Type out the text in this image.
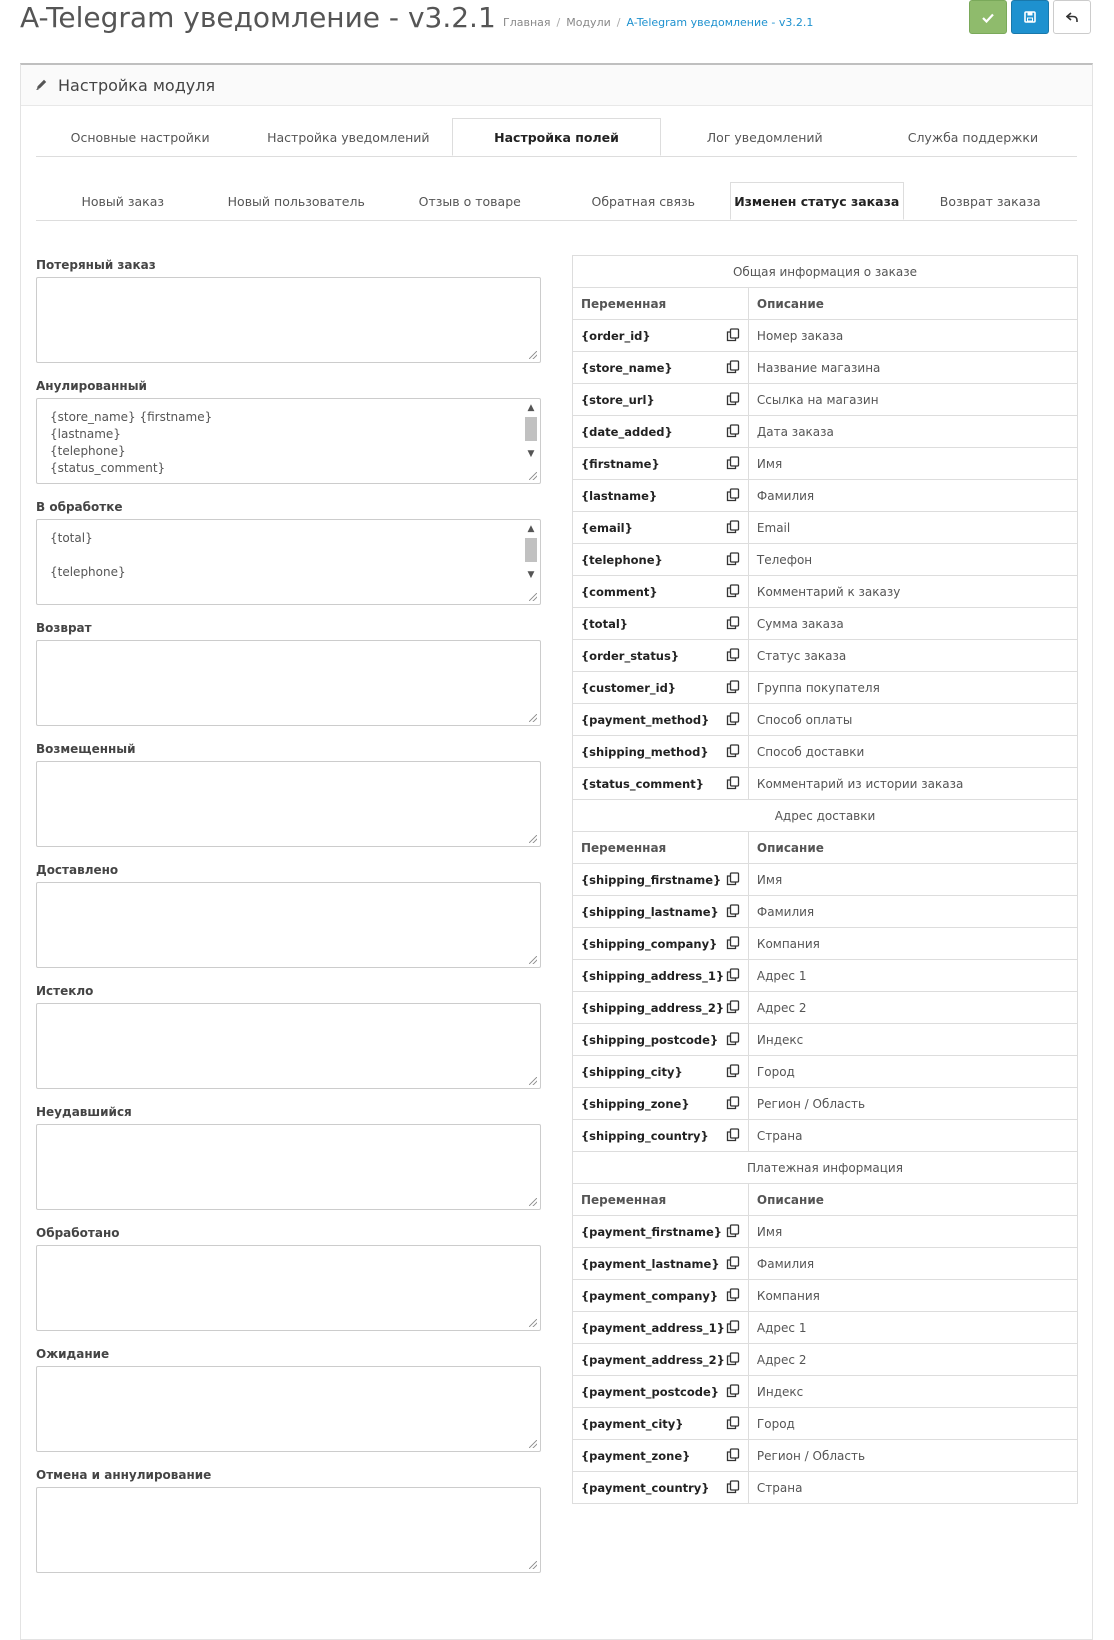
A-Telegram уведомление - v3.2.1 Главная / Модули / A-Telegram уведомление - v3.2.1
Настройка модуля
Основные настройки	Настройка уведомлений	Настройка полей	Лог уведомлений	Служба поддержки
Новый заказ	Новый пользователь	Отзыв о товаре	Обратная связь	Изменен статус заказа	Возврат заказа
Потеряный заказ
Анулированный
{store_name} {firstname}
{lastname}
{telephone}
{status_comment}
▲
▼
В обработке
{total}

{telephone}
▲
▼
Возврат
Возмещенный
Доставлено
Истекло
Неудавшийся
Обработано
Ожидание
Отмена и аннулирование
Общая информация о заказе	
Переменная	Описание
{order_id}	Номер заказа
{store_name}	Название магазина
{store_url}	Ссылка на магазин
{date_added}	Дата заказа
{firstname}	Имя
{lastname}	Фамилия
{email}	Email
{telephone}	Телефон
{comment}	Комментарий к заказу
{total}	Сумма заказа
{order_status}	Статус заказа
{customer_id}	Группа покупателя
{payment_method}	Способ оплаты
{shipping_method}	Способ доставки
{status_comment}	Комментарий из истории заказа
Адрес доставки	
Переменная	Описание
{shipping_firstname}	Имя
{shipping_lastname}	Фамилия
{shipping_company}	Компания
{shipping_address_1}	Адрес 1
{shipping_address_2}	Адрес 2
{shipping_postcode}	Индекс
{shipping_city}	Город
{shipping_zone}	Регион / Область
{shipping_country}	Страна
Платежная информация	
Переменная	Описание
{payment_firstname}	Имя
{payment_lastname}	Фамилия
{payment_company}	Компания
{payment_address_1}	Адрес 1
{payment_address_2}	Адрес 2
{payment_postcode}	Индекс
{payment_city}	Город
{payment_zone}	Регион / Область
{payment_country}	Страна
